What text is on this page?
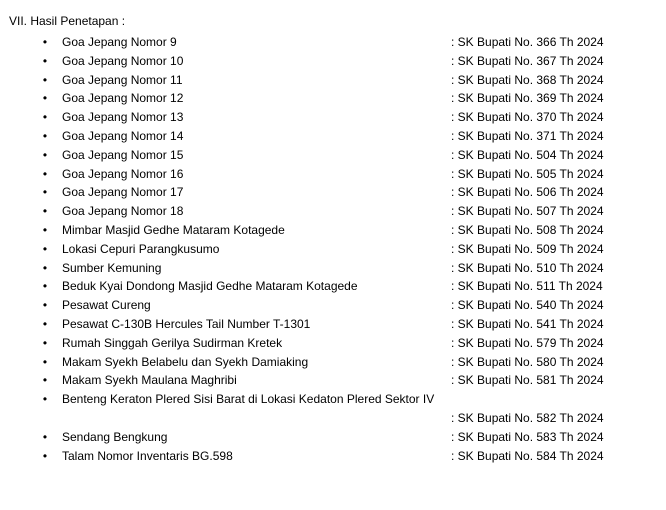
VII. Hasil Penetapan :
• Goa Jepang Nomor 9	: SK Bupati No. 366 Th 2024
• Goa Jepang Nomor 10	: SK Bupati No. 367 Th 2024
• Goa Jepang Nomor 11	: SK Bupati No. 368 Th 2024
• Goa Jepang Nomor 12	: SK Bupati No. 369 Th 2024
• Goa Jepang Nomor 13	: SK Bupati No. 370 Th 2024
• Goa Jepang Nomor 14	: SK Bupati No. 371 Th 2024
• Goa Jepang Nomor 15	: SK Bupati No. 504 Th 2024
• Goa Jepang Nomor 16	: SK Bupati No. 505 Th 2024
• Goa Jepang Nomor 17	: SK Bupati No. 506 Th 2024
• Goa Jepang Nomor 18	: SK Bupati No. 507 Th 2024
• Mimbar Masjid Gedhe Mataram Kotagede	: SK Bupati No. 508 Th 2024
• Lokasi Cepuri Parangkusumo	: SK Bupati No. 509 Th 2024
• Sumber Kemuning	: SK Bupati No. 510 Th 2024
• Beduk Kyai Dondong Masjid Gedhe Mataram Kotagede	: SK Bupati No. 511 Th 2024
• Pesawat Cureng	: SK Bupati No. 540 Th 2024
• Pesawat C-130B Hercules Tail Number T-1301	: SK Bupati No. 541 Th 2024
• Rumah Singgah Gerilya Sudirman Kretek	: SK Bupati No. 579 Th 2024
• Makam Syekh Belabelu dan Syekh Damiaking	: SK Bupati No. 580 Th 2024
• Makam Syekh Maulana Maghribi	: SK Bupati No. 581 Th 2024
• Benteng Keraton Plered Sisi Barat di Lokasi Kedaton Plered Sektor IV
: SK Bupati No. 582 Th 2024
• Sendang Bengkung	: SK Bupati No. 583 Th 2024
• Talam Nomor Inventaris BG.598	: SK Bupati No. 584 Th 2024
